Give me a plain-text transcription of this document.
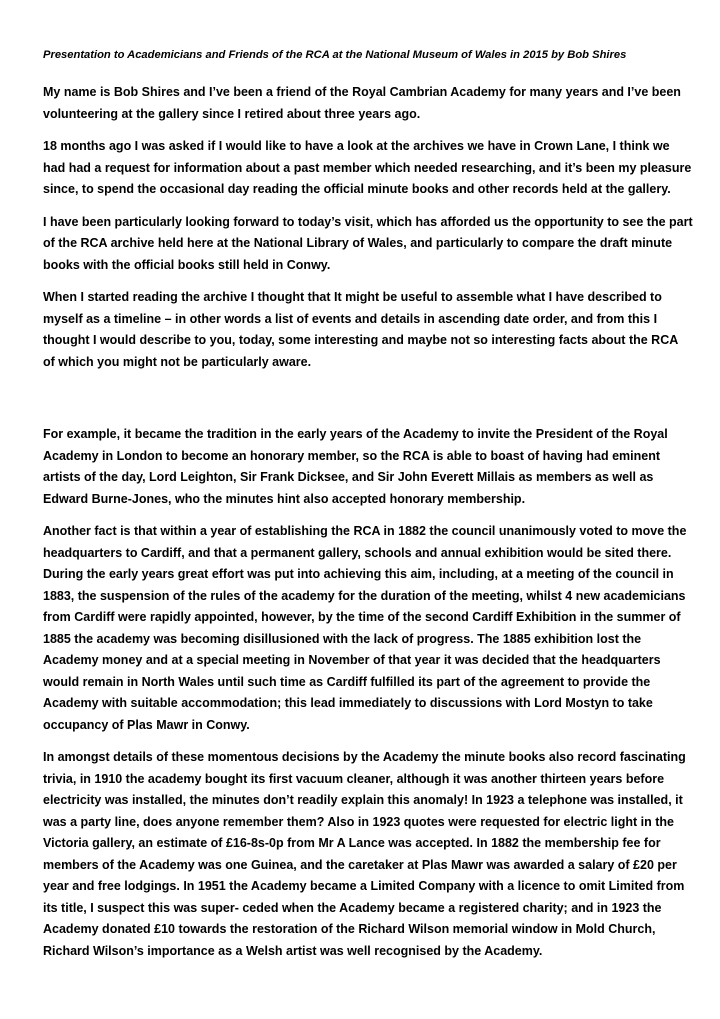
Presentation to Academicians and Friends of the RCA at the National Museum of Wales in 2015 by Bob Shires

My name is Bob Shires and I’ve been a friend of the Royal Cambrian Academy for many years and I’ve been volunteering at the gallery since I retired about three years ago.

18 months ago I was asked if I would like to have a look at the archives we have in Crown Lane, I think we had had a request for information about a past member which needed researching, and it’s been my pleasure since, to spend the occasional day reading the official minute books and other records held at the gallery.

I have been particularly looking forward to today’s visit, which has afforded us the opportunity to see the part of the RCA archive held here at the National Library of Wales, and particularly to compare the draft minute books with the official books still held in Conwy.

When I started reading the archive I thought that It might be useful to assemble what I have described to myself as a timeline – in other words a list of events and details in ascending date order, and from this I thought I would describe to you, today, some interesting and maybe not so interesting facts about the RCA of which you might not be particularly aware.

For example, it became the tradition in the early years of the Academy to invite the President of the Royal Academy in London to become an honorary member, so the RCA is able to boast of having had eminent artists of the day, Lord Leighton, Sir Frank Dicksee, and Sir John Everett Millais as members as well as Edward Burne-Jones, who the minutes hint also accepted honorary membership.

Another fact is that within a year of establishing the RCA in 1882 the council unanimously voted to move the headquarters to Cardiff, and that a permanent gallery, schools and annual exhibition would be sited there. During the early years great effort was put into achieving this aim, including, at a meeting of the council in 1883, the suspension of the rules of the academy for the duration of the meeting, whilst 4 new academicians from Cardiff were rapidly appointed, however, by the time of the second Cardiff Exhibition in the summer of 1885 the academy was becoming disillusioned with the lack of progress. The 1885 exhibition lost the Academy money and at a special meeting in November of that year it was decided that the headquarters would remain in North Wales until such time as Cardiff fulfilled its part of the agreement to provide the Academy with suitable accommodation; this lead immediately to discussions with Lord Mostyn to take occupancy of Plas Mawr in Conwy.

In amongst details of these momentous decisions by the Academy the minute books also record fascinating trivia, in 1910 the academy bought its first vacuum cleaner, although it was another thirteen years before electricity was installed, the minutes don’t readily explain this anomaly! In 1923 a telephone was installed, it was a party line, does anyone remember them? Also in 1923 quotes were requested for electric light in the Victoria gallery, an estimate of £16-8s-0p from Mr A Lance was accepted. In 1882 the membership fee for members of the Academy was one Guinea, and the caretaker at Plas Mawr was awarded a salary of £20 per year and free lodgings. In 1951 the Academy became a Limited Company with a licence to omit Limited from its title, I suspect this was super- ceded when the Academy became a registered charity; and in 1923 the Academy donated £10 towards the restoration of the Richard Wilson memorial window in Mold Church, Richard Wilson’s importance as a Welsh artist was well recognised by the Academy.
